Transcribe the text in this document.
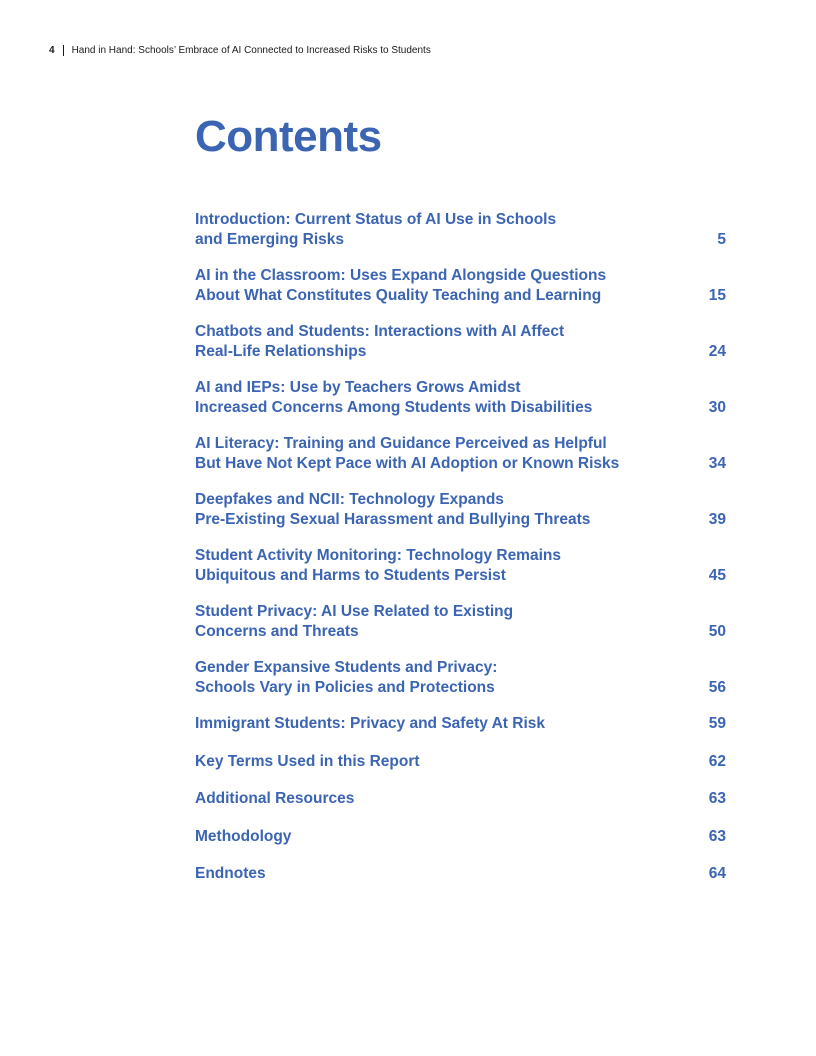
4 Hand in Hand: Schools’ Embrace of AI Connected to Increased Risks to Students
Contents
Introduction: Current Status of AI Use in Schools
and Emerging Risks	5
AI in the Classroom: Uses Expand Alongside Questions
About What Constitutes Quality Teaching and Learning	15
Chatbots and Students: Interactions with AI Affect
Real-Life Relationships	24
AI and IEPs: Use by Teachers Grows Amidst
Increased Concerns Among Students with Disabilities	30
AI Literacy: Training and Guidance Perceived as Helpful
But Have Not Kept Pace with AI Adoption or Known Risks	34
Deepfakes and NCII: Technology Expands
Pre-Existing Sexual Harassment and Bullying Threats	39
Student Activity Monitoring: Technology Remains
Ubiquitous and Harms to Students Persist	45
Student Privacy: AI Use Related to Existing
Concerns and Threats	50
Gender Expansive Students and Privacy:
Schools Vary in Policies and Protections	56
Immigrant Students: Privacy and Safety At Risk	59
Key Terms Used in this Report	62
Additional Resources	63
Methodology	63
Endnotes	64
